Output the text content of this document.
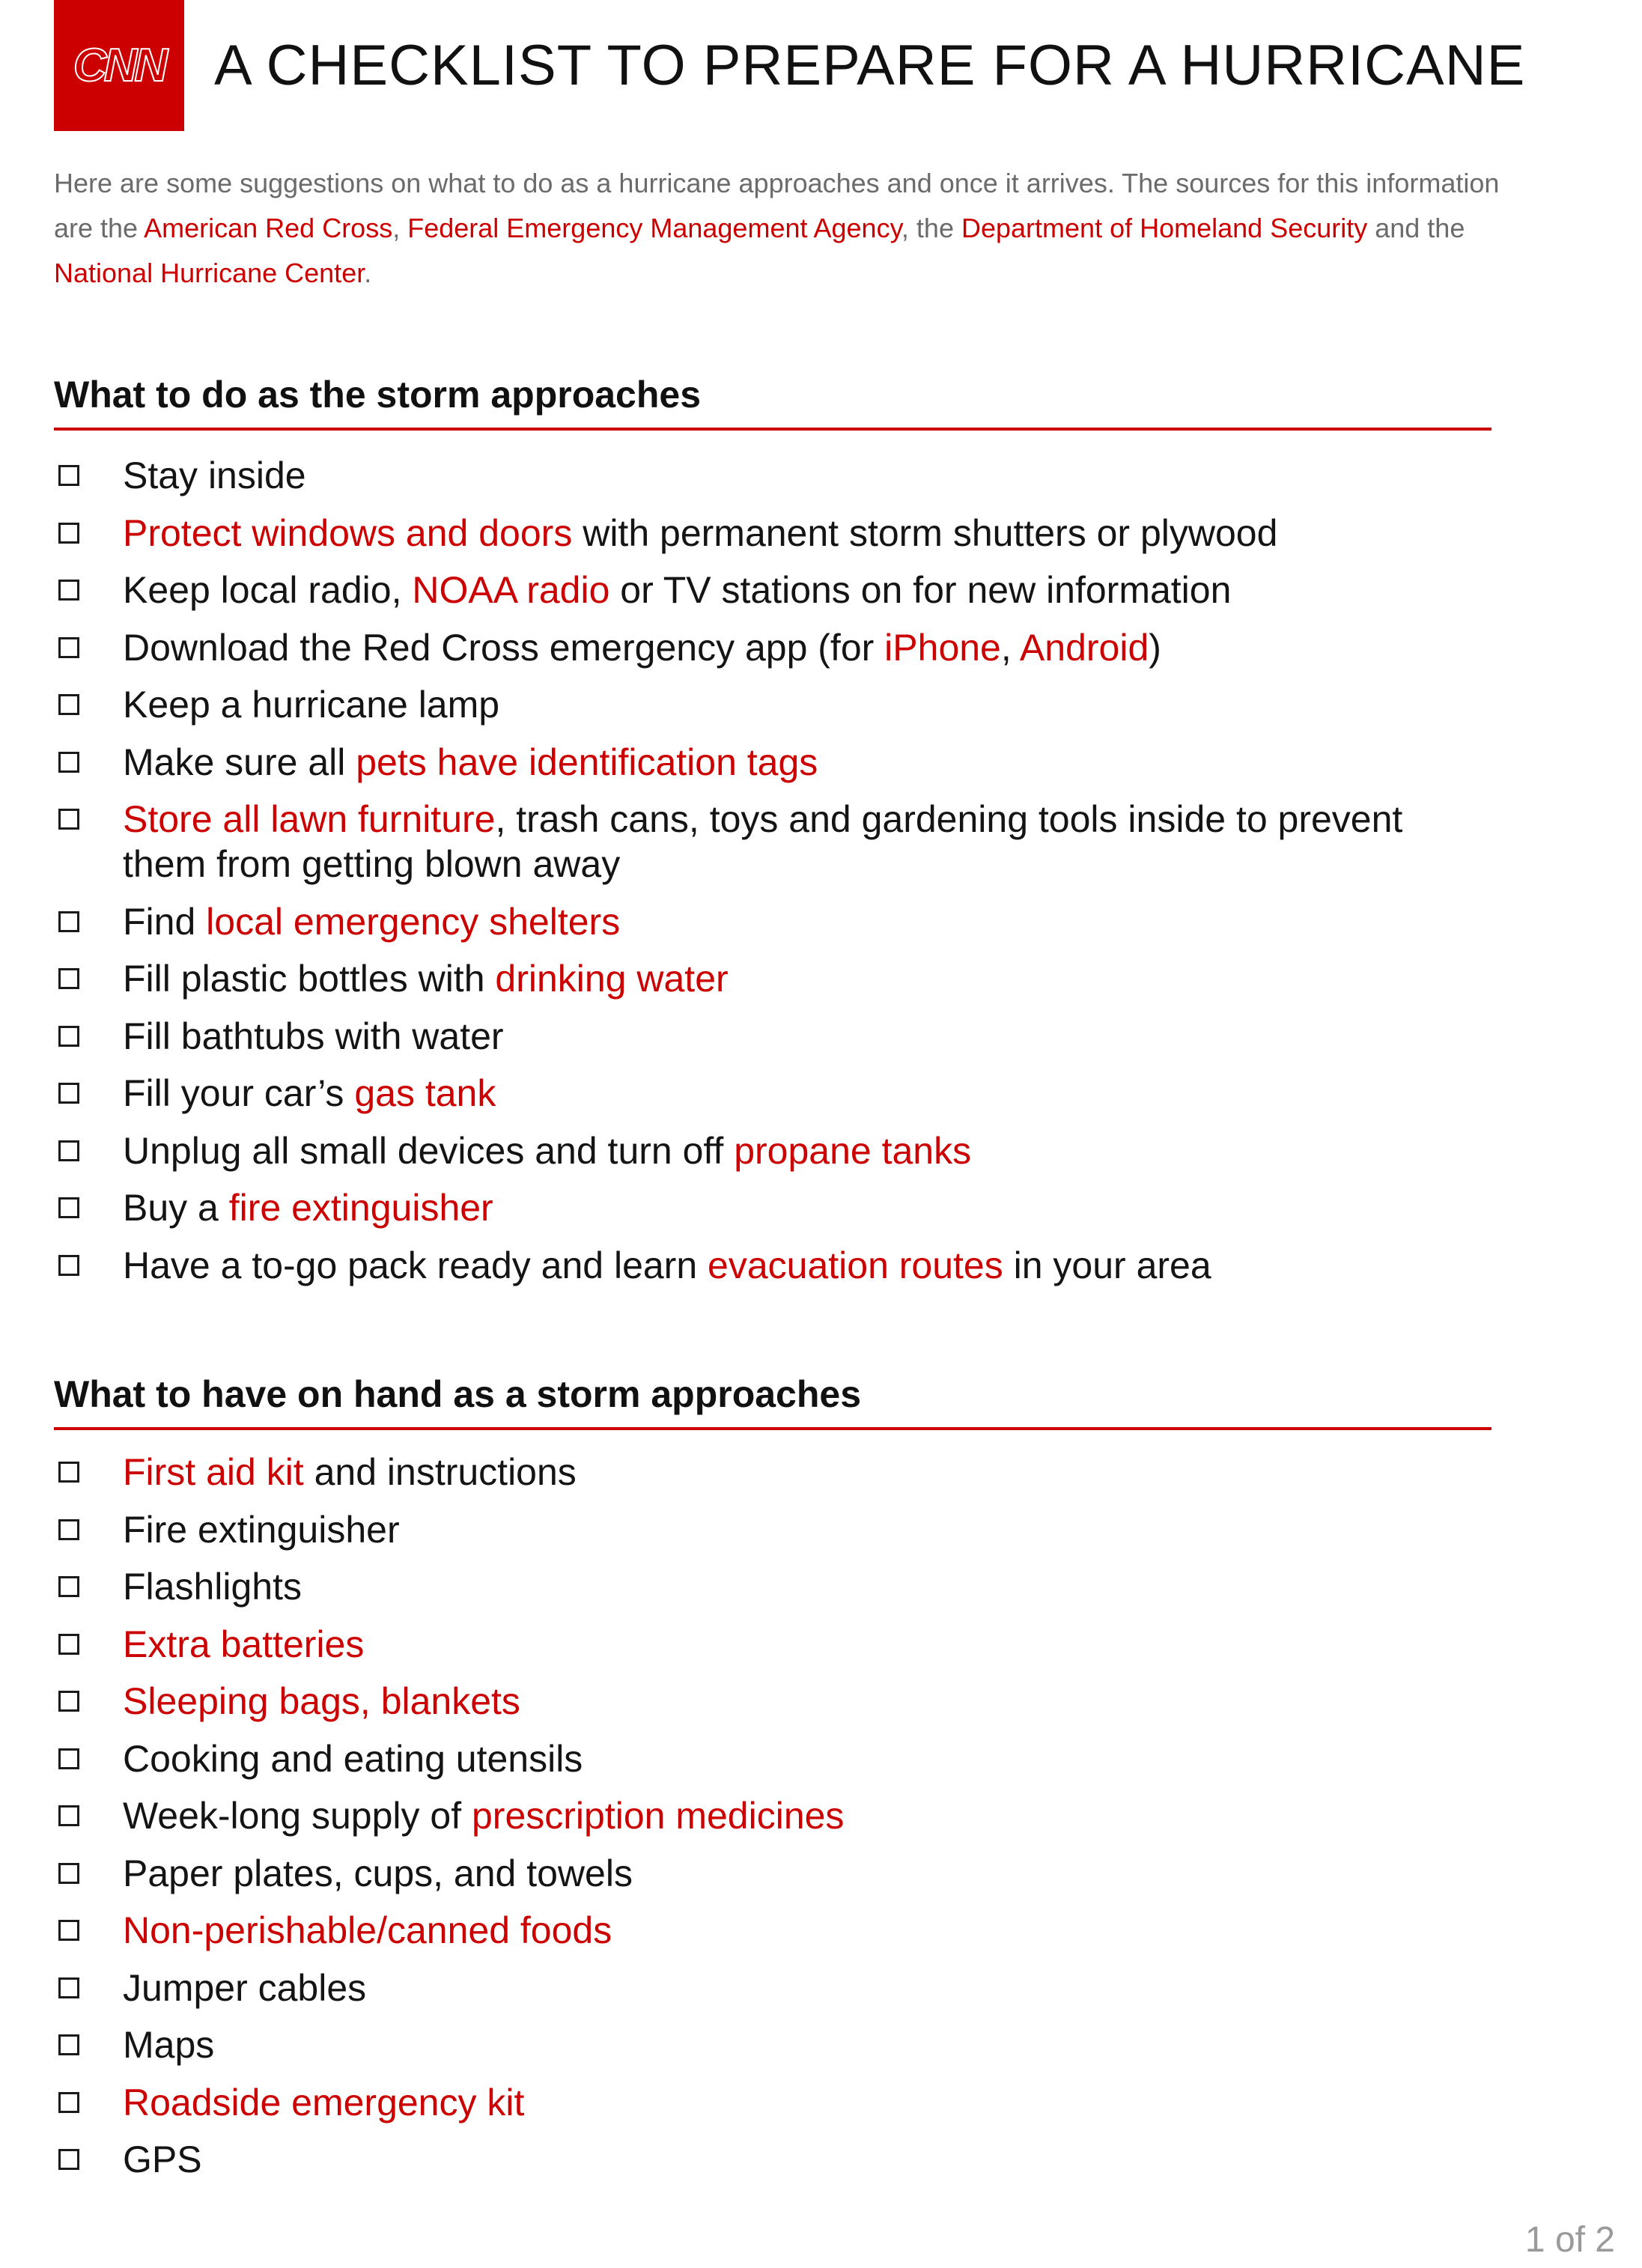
CNN A CHECKLIST TO PREPARE FOR A HURRICANE
Here are some suggestions on what to do as a hurricane approaches and once it arrives. The sources for this information are the American Red Cross, Federal Emergency Management Agency, the Department of Homeland Security and the National Hurricane Center.
What to do as the storm approaches
Stay inside
Protect windows and doors with permanent storm shutters or plywood
Keep local radio, NOAA radio or TV stations on for new information
Download the Red Cross emergency app (for iPhone, Android)
Keep a hurricane lamp
Make sure all pets have identification tags
Store all lawn furniture, trash cans, toys and gardening tools inside to prevent them from getting blown away
Find local emergency shelters
Fill plastic bottles with drinking water
Fill bathtubs with water
Fill your car’s gas tank
Unplug all small devices and turn off propane tanks
Buy a fire extinguisher
Have a to-go pack ready and learn evacuation routes in your area
What to have on hand as a storm approaches
First aid kit and instructions
Fire extinguisher
Flashlights
Extra batteries
Sleeping bags, blankets
Cooking and eating utensils
Week-long supply of prescription medicines
Paper plates, cups, and towels
Non-perishable/canned foods
Jumper cables
Maps
Roadside emergency kit
GPS
1 of 2
